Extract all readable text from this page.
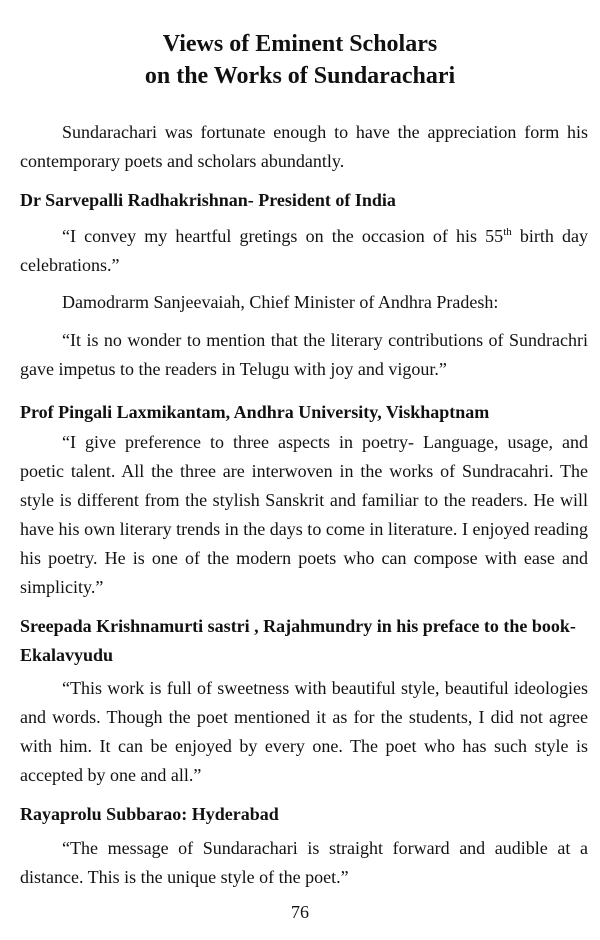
Views of Eminent Scholars
on the Works of Sundarachari

Sundarachari was fortunate enough to have the appreciation form his contemporary poets and scholars abundantly.

Dr Sarvepalli Radhakrishnan- President of India

“I convey my heartful gretings on the occasion of his 55th birth day celebrations.”

Damodrarm Sanjeevaiah, Chief Minister of Andhra Pradesh:

“It is no wonder to mention that the literary contributions of Sundrachri gave impetus to the readers in Telugu with joy and vigour.”

Prof Pingali Laxmikantam, Andhra University, Viskhaptnam

“I give preference to three aspects in poetry- Language, usage, and poetic talent. All the three are interwoven in the works of Sundracahri. The style is different from the stylish Sanskrit and familiar to the readers. He will have his own literary trends in the days to come in literature. I enjoyed reading his poetry. He is one of the modern poets who can compose with ease and simplicity.”

Sreepada Krishnamurti sastri , Rajahmundry in his preface to the book- Ekalavyudu

“This work is full of sweetness with beautiful style, beautiful ideologies and words. Though the poet mentioned it as for the students, I did not agree with him. It can be enjoyed by every one. The poet who has such style is accepted by one and all.”

Rayaprolu Subbarao: Hyderabad

“The message of Sundarachari is straight forward and audible at a distance. This is the unique style of the poet.”

76
